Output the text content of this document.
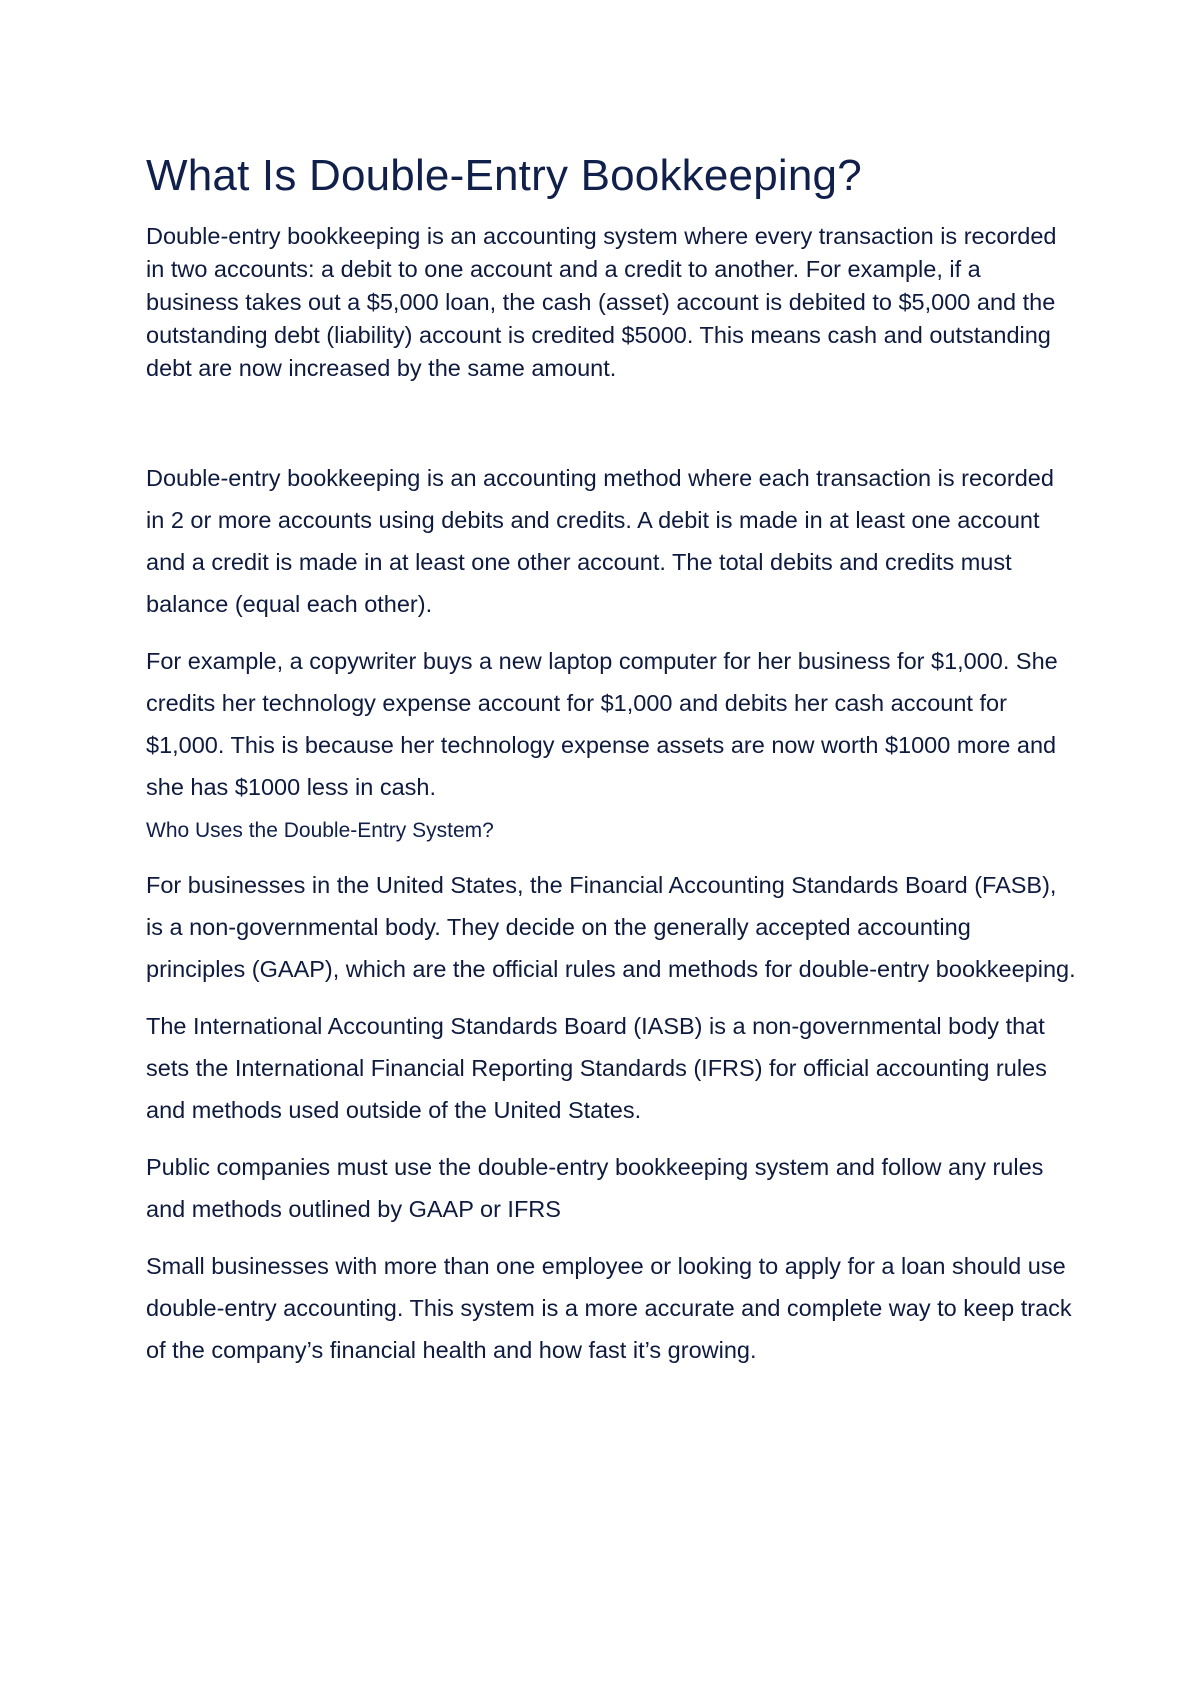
What Is Double-Entry Bookkeeping?

Double-entry bookkeeping is an accounting system where every transaction is recorded in two accounts: a debit to one account and a credit to another. For example, if a business takes out a $5,000 loan, the cash (asset) account is debited to $5,000 and the outstanding debt (liability) account is credited $5000. This means cash and outstanding debt are now increased by the same amount.

Double-entry bookkeeping is an accounting method where each transaction is recorded in 2 or more accounts using debits and credits. A debit is made in at least one account and a credit is made in at least one other account. The total debits and credits must balance (equal each other).

For example, a copywriter buys a new laptop computer for her business for $1,000. She credits her technology expense account for $1,000 and debits her cash account for $1,000. This is because her technology expense assets are now worth $1000 more and she has $1000 less in cash.

Who Uses the Double-Entry System?

For businesses in the United States, the Financial Accounting Standards Board (FASB), is a non-governmental body. They decide on the generally accepted accounting principles (GAAP), which are the official rules and methods for double-entry bookkeeping.

The International Accounting Standards Board (IASB) is a non-governmental body that sets the International Financial Reporting Standards (IFRS) for official accounting rules and methods used outside of the United States.

Public companies must use the double-entry bookkeeping system and follow any rules and methods outlined by GAAP or IFRS

Small businesses with more than one employee or looking to apply for a loan should use double-entry accounting. This system is a more accurate and complete way to keep track of the company’s financial health and how fast it’s growing.
